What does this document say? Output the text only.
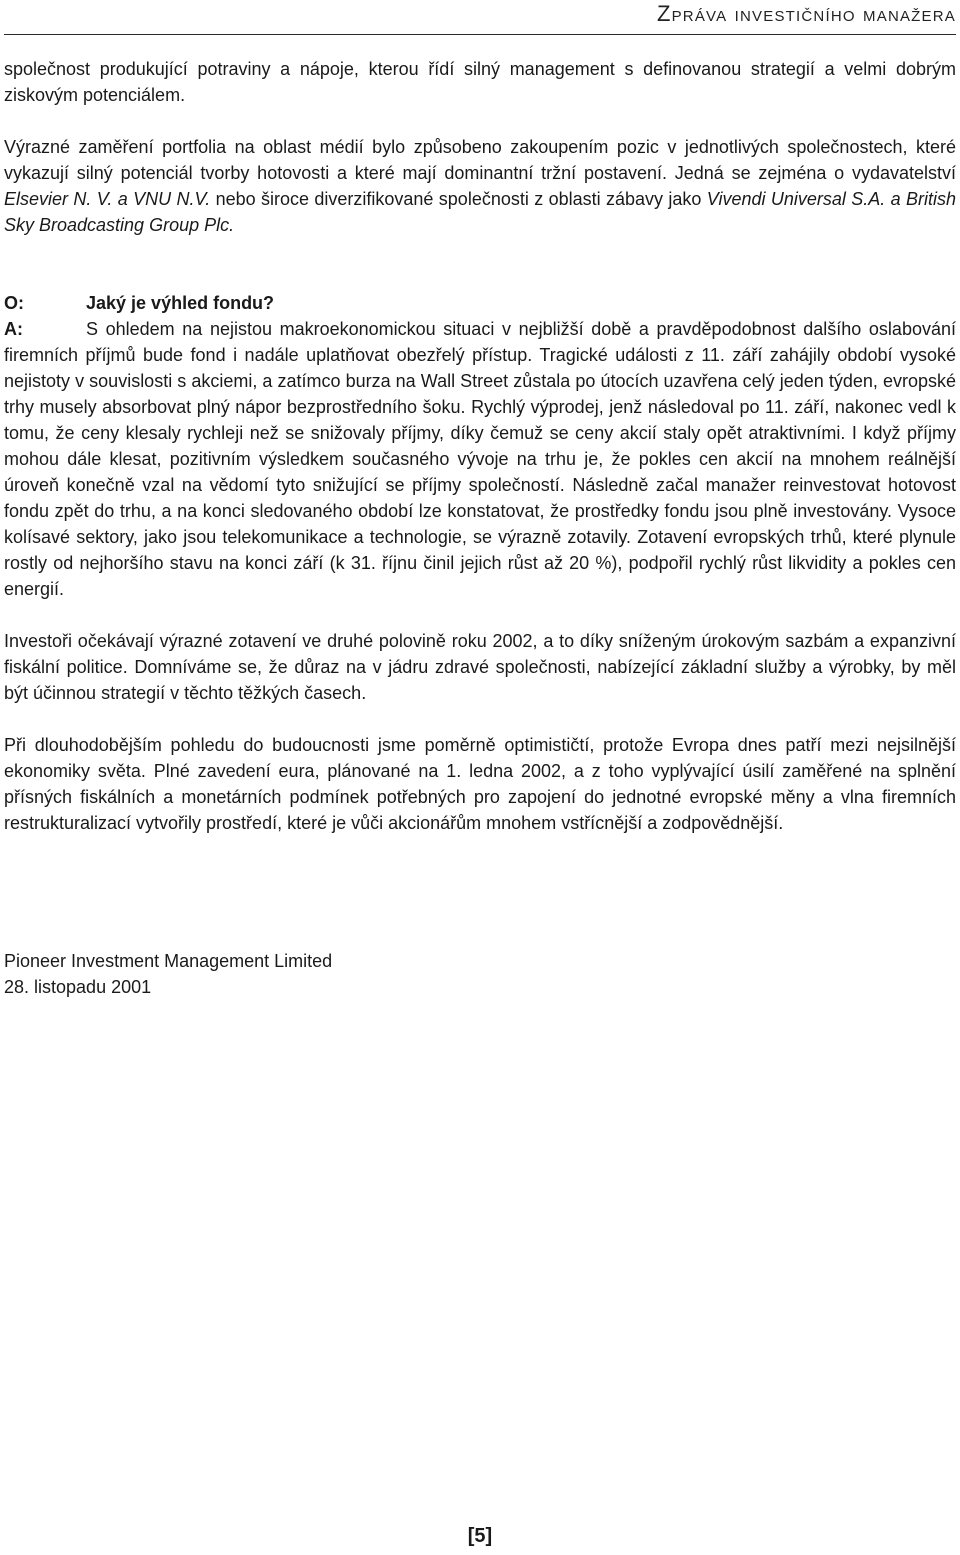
Zpráva investičního manažera

společnost produkující potraviny a nápoje, kterou řídí silný management s definovanou strategií a velmi dobrým ziskovým potenciálem.

Výrazné zaměření portfolia na oblast médií bylo způsobeno zakoupením pozic v jednotlivých společnostech, které vykazují silný potenciál tvorby hotovosti a které mají dominantní tržní postavení. Jedná se zejména o vydavatelství Elsevier N. V. a VNU N.V. nebo široce diverzifikované společnosti z oblasti zábavy jako Vivendi Universal S.A. a British Sky Broadcasting Group Plc.

O:	Jaký je výhled fondu?

A:	S ohledem na nejistou makroekonomickou situaci v nejbližší době a pravděpodobnost dalšího oslabování firemních příjmů bude fond i nadále uplatňovat obezřelý přístup. Tragické události z 11. září zahájily období vysoké nejistoty v souvislosti s akciemi, a zatímco burza na Wall Street zůstala po útocích uzavřena celý jeden týden, evropské trhy musely absorbovat plný nápor bezprostředního šoku. Rychlý výprodej, jenž následoval po 11. září, nakonec vedl k tomu, že ceny klesaly rychleji než se snižovaly příjmy, díky čemuž se ceny akcií staly opět atraktivními. I když příjmy mohou dále klesat, pozitivním výsledkem současného vývoje na trhu je, že pokles cen akcií na mnohem reálnější úroveň konečně vzal na vědomí tyto snižující se příjmy společností. Následně začal manažer reinvestovat hotovost fondu zpět do trhu, a na konci sledovaného období lze konstatovat, že prostředky fondu jsou plně investovány. Vysoce kolísavé sektory, jako jsou telekomunikace a technologie, se výrazně zotavily. Zotavení evropských trhů, které plynule rostly od nejhoršího stavu na konci září (k 31. říjnu činil jejich růst až 20 %), podpořil rychlý růst likvidity a pokles cen energií.

Investoři očekávají výrazné zotavení ve druhé polovině roku 2002, a to díky sníženým úrokovým sazbám a expanzivní fiskální politice. Domníváme se, že důraz na v jádru zdravé společnosti, nabízející základní služby a výrobky, by měl být účinnou strategií v těchto těžkých časech.

Při dlouhodobějším pohledu do budoucnosti jsme poměrně optimističtí, protože Evropa dnes patří mezi nejsilnější ekonomiky světa. Plné zavedení eura, plánované na 1. ledna 2002, a z toho vyplývající úsilí zaměřené na splnění přísných fiskálních a monetárních podmínek potřebných pro zapojení do jednotné evropské měny a vlna firemních restrukturalizací vytvořily prostředí, které je vůči akcionářům mnohem vstřícnější a zodpovědnější.

Pioneer Investment Management Limited

28. listopadu 2001

[5]
